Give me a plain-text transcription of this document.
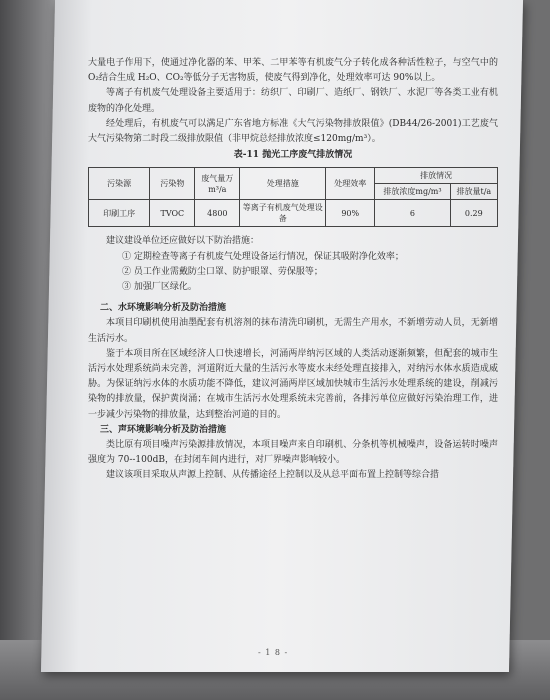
大量电子作用下，使通过净化器的苯、甲苯、二甲苯等有机废气分子转化成各种活性粒子，与空气中的 O₂结合生成 H₂O、CO₂等低分子无害物质，使废气得到净化，处理效率可达 90%以上。

等离子有机废气处理设备主要适用于：纺织厂、印刷厂、造纸厂、钢铁厂、水泥厂等各类工业有机废物的净化处理。

经处理后，有机废气可以满足广东省地方标准《大气污染物排放限值》(DB44/26-2001)工艺废气大气污染物第二时段二级排放限值（非甲烷总烃排放浓度≤120mg/m³）。

表-11 抛光工序废气排放情况
污染源	污染物	废气量万 m³/a	处理措施	处理效率	排放情况	
					排放浓度mg/m³	排放量t/a
印刷工序	TVOC	4800	等离子有机废气处理设备	90%	6	0.29

建议建设单位还应做好以下防治措施：

① 定期检查等离子有机废气处理设备运行情况，保证其吸附净化效率；

② 员工作业需戴防尘口罩、防护眼罩、劳保服等；

③ 加强厂区绿化。

二、水环境影响分析及防治措施

本项目印刷机使用油墨配套有机溶剂的抹布清洗印刷机，无需生产用水，不新增劳动人员，无新增生活污水。

鉴于本项目所在区域经济人口快速增长，河涌两岸纳污区域的人类活动逐渐频繁，但配套的城市生活污水处理系统尚未完善，河道附近大量的生活污水等废水未经处理直接排入，对纳污水体水质造成威胁。为保证纳污水体的水质功能不降低，建议河涌两岸区域加快城市生活污水处理系统的建设，削减污染物的排放量，保护黄岗涌；在城市生活污水处理系统未完善前，各排污单位应做好污染治理工作，进一步减少污染物的排放量，达到整治河道的目的。

三、声环境影响分析及防治措施

类比原有项目噪声污染源排放情况，本项目噪声来自印刷机、分条机等机械噪声，设备运转时噪声强度为 70--100dB，在封闭车间内进行，对厂界噪声影响较小。

建议该项目采取从声源上控制、从传播途径上控制以及从总平面布置上控制等综合措

- 1 8 -
